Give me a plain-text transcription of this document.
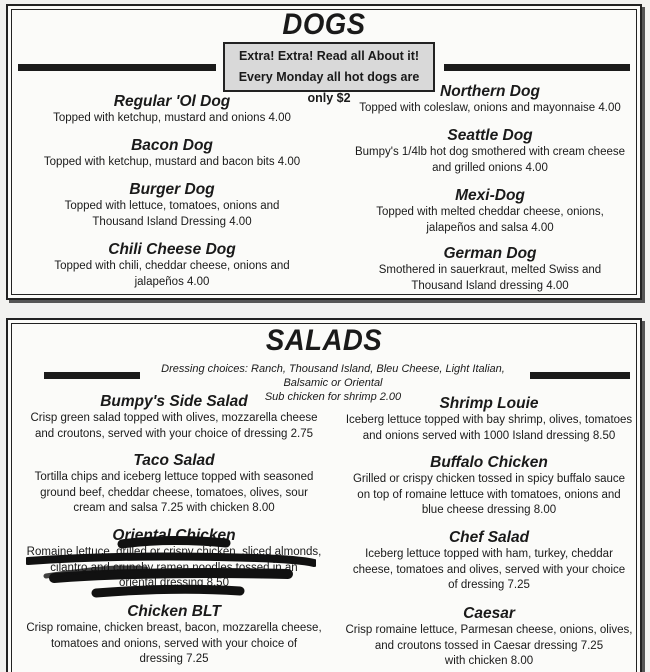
DOGS
Extra! Extra! Read all About it!
Every Monday all hot dogs are only $2
Regular 'Ol Dog
Topped with ketchup, mustard and onions 4.00
Bacon Dog
Topped with ketchup, mustard and bacon bits 4.00
Burger Dog
Topped with lettuce, tomatoes, onions and
Thousand Island Dressing 4.00
Chili Cheese Dog
Topped with chili, cheddar cheese, onions and
jalapeños 4.00
Northern Dog
Topped with coleslaw, onions and mayonnaise 4.00
Seattle Dog
Bumpy's 1/4lb hot dog smothered with cream cheese
and grilled onions 4.00
Mexi-Dog
Topped with melted cheddar cheese, onions,
jalapeños and salsa 4.00
German Dog
Smothered in sauerkraut, melted Swiss and
Thousand Island dressing 4.00
SALADS
Dressing choices: Ranch, Thousand Island, Bleu Cheese, Light Italian, Balsamic or Oriental
Sub chicken for shrimp 2.00
Bumpy's Side Salad
Crisp green salad topped with olives, mozzarella cheese
and croutons, served with your choice of dressing 2.75
Taco Salad
Tortilla chips and iceberg lettuce topped with seasoned
ground beef, cheddar cheese, tomatoes, olives, sour
cream and salsa 7.25 with chicken 8.00
Oriental Chicken
Romaine lettuce, grilled or crispy chicken, sliced almonds,
cilantro and crunchy ramen noodles tossed in an
oriental dressing 8.50
Chicken BLT
Crisp romaine, chicken breast, bacon, mozzarella cheese,
tomatoes and onions, served with your choice of
dressing 7.25
Shrimp Louie
Iceberg lettuce topped with bay shrimp, olives, tomatoes
and onions served with 1000 Island dressing 8.50
Buffalo Chicken
Grilled or crispy chicken tossed in spicy buffalo sauce
on top of romaine lettuce with tomatoes, onions and
blue cheese dressing 8.00
Chef Salad
Iceberg lettuce topped with ham, turkey, cheddar
cheese, tomatoes and olives, served with your choice
of dressing 7.25
Caesar
Crisp romaine lettuce, Parmesan cheese, onions, olives,
and croutons tossed in Caesar dressing 7.25
with chicken 8.00
